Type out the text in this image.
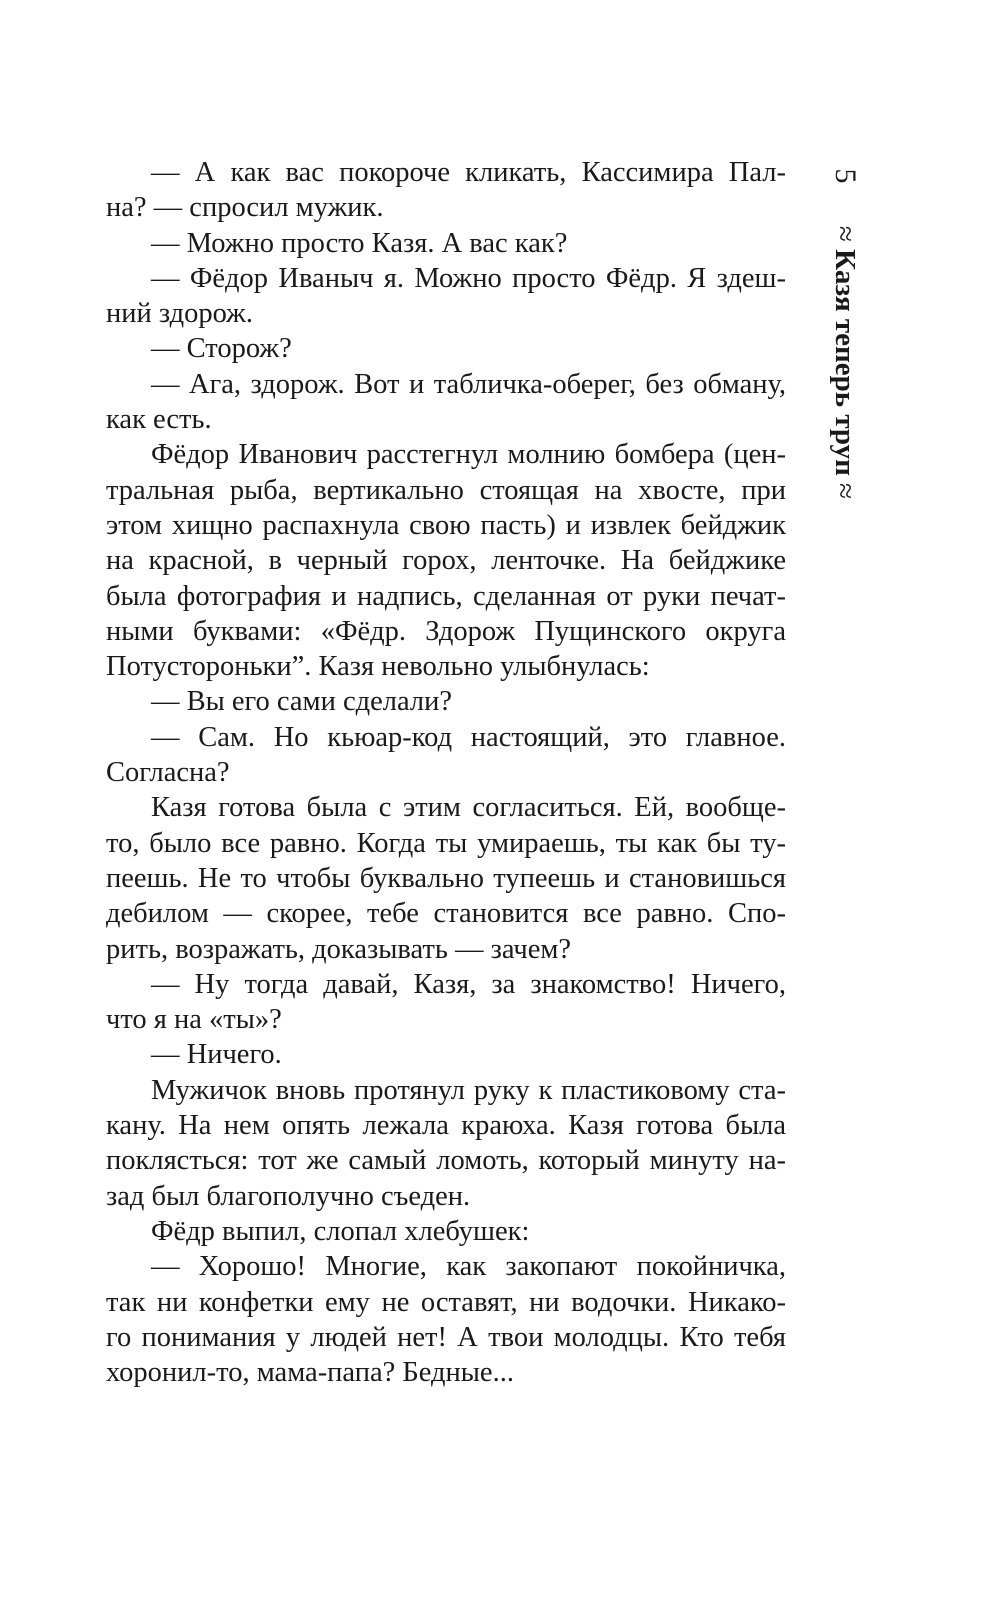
5
≈ Казя теперь труп ≈
— А как вас покороче кликать, Кассимира Пал-
на? — спросил мужик.
— Можно просто Казя. А вас как?
— Фёдор Иваныч я. Можно просто Фёдр. Я здеш-
ний здорож.
— Сторож?
— Ага, здорож. Вот и табличка-оберег, без обману,
как есть.
Фёдор Иванович расстегнул молнию бомбера (цен-
тральная рыба, вертикально стоящая на хвосте, при
этом хищно распахнула свою пасть) и извлек бейджик
на красной, в черный горох, ленточке. На бейджике
была фотография и надпись, сделанная от руки печат-
ными буквами: «Фёдр. Здорож Пущинского округа
Потусторонькиˮ. Казя невольно улыбнулась:
— Вы его сами сделали?
— Сам. Но кьюар-код настоящий, это главное.
Согласна?
Казя готова была с этим согласиться. Ей, вообще-
то, было все равно. Когда ты умираешь, ты как бы ту-
пеешь. Не то чтобы буквально тупеешь и становишься
дебилом — скорее, тебе становится все равно. Спо-
рить, возражать, доказывать — зачем?
— Ну тогда давай, Казя, за знакомство! Ничего,
что я на «ты»?
— Ничего.
Мужичок вновь протянул руку к пластиковому ста-
кану. На нем опять лежала краюха. Казя готова была
поклясться: тот же самый ломоть, который минуту на-
зад был благополучно съеден.
Фёдр выпил, слопал хлебушек:
— Хорошо! Многие, как закопают покойничка,
так ни конфетки ему не оставят, ни водочки. Никако-
го понимания у людей нет! А твои молодцы. Кто тебя
хоронил-то, мама-папа? Бедные...
